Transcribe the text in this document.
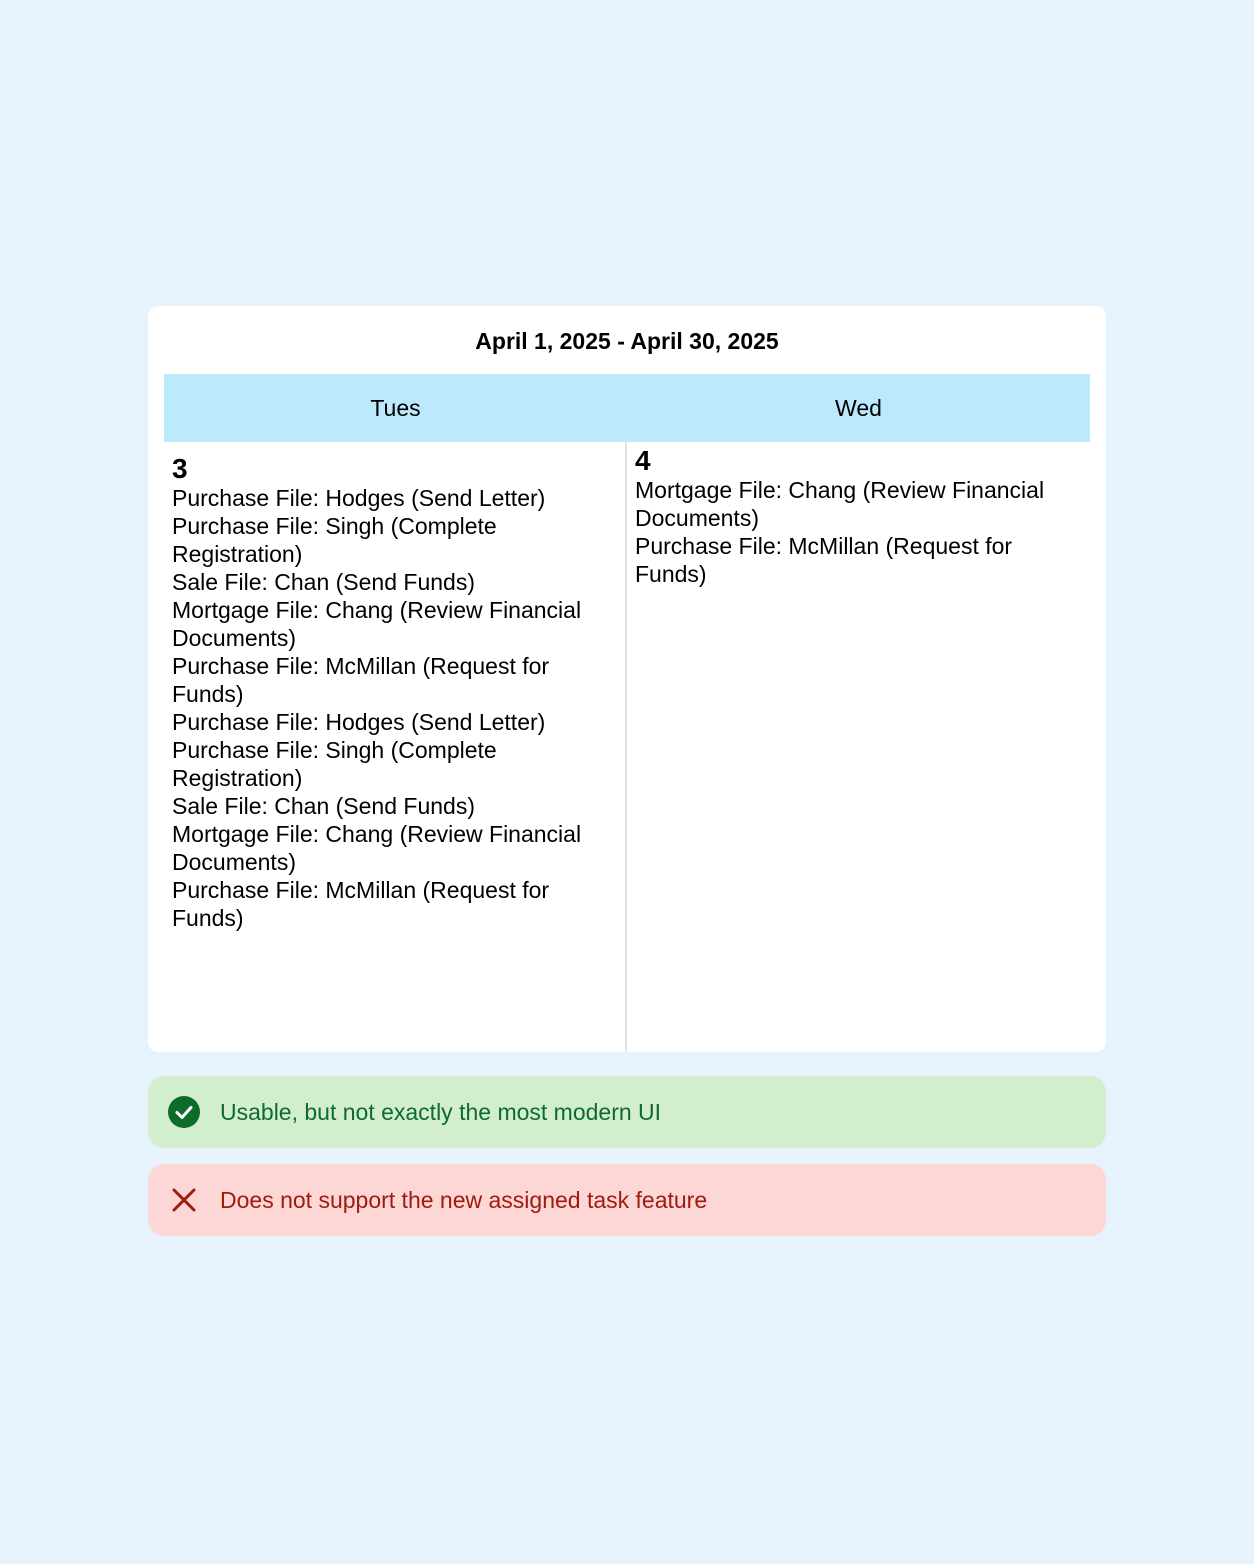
April 1, 2025 - April 30, 2025
Tues	Wed
3
Purchase File: Hodges (Send Letter)
Purchase File: Singh (Complete Registration)
Sale File: Chan (Send Funds)
Mortgage File: Chang (Review Financial Documents)
Purchase File: McMillan (Request for Funds)
Purchase File: Hodges (Send Letter)
Purchase File: Singh (Complete Registration)
Sale File: Chan (Send Funds)
Mortgage File: Chang (Review Financial Documents)
Purchase File: McMillan (Request for Funds)
4
Mortgage File: Chang (Review Financial Documents)
Purchase File: McMillan (Request for Funds)
Usable, but not exactly the most modern UI
Does not support the new assigned task feature
